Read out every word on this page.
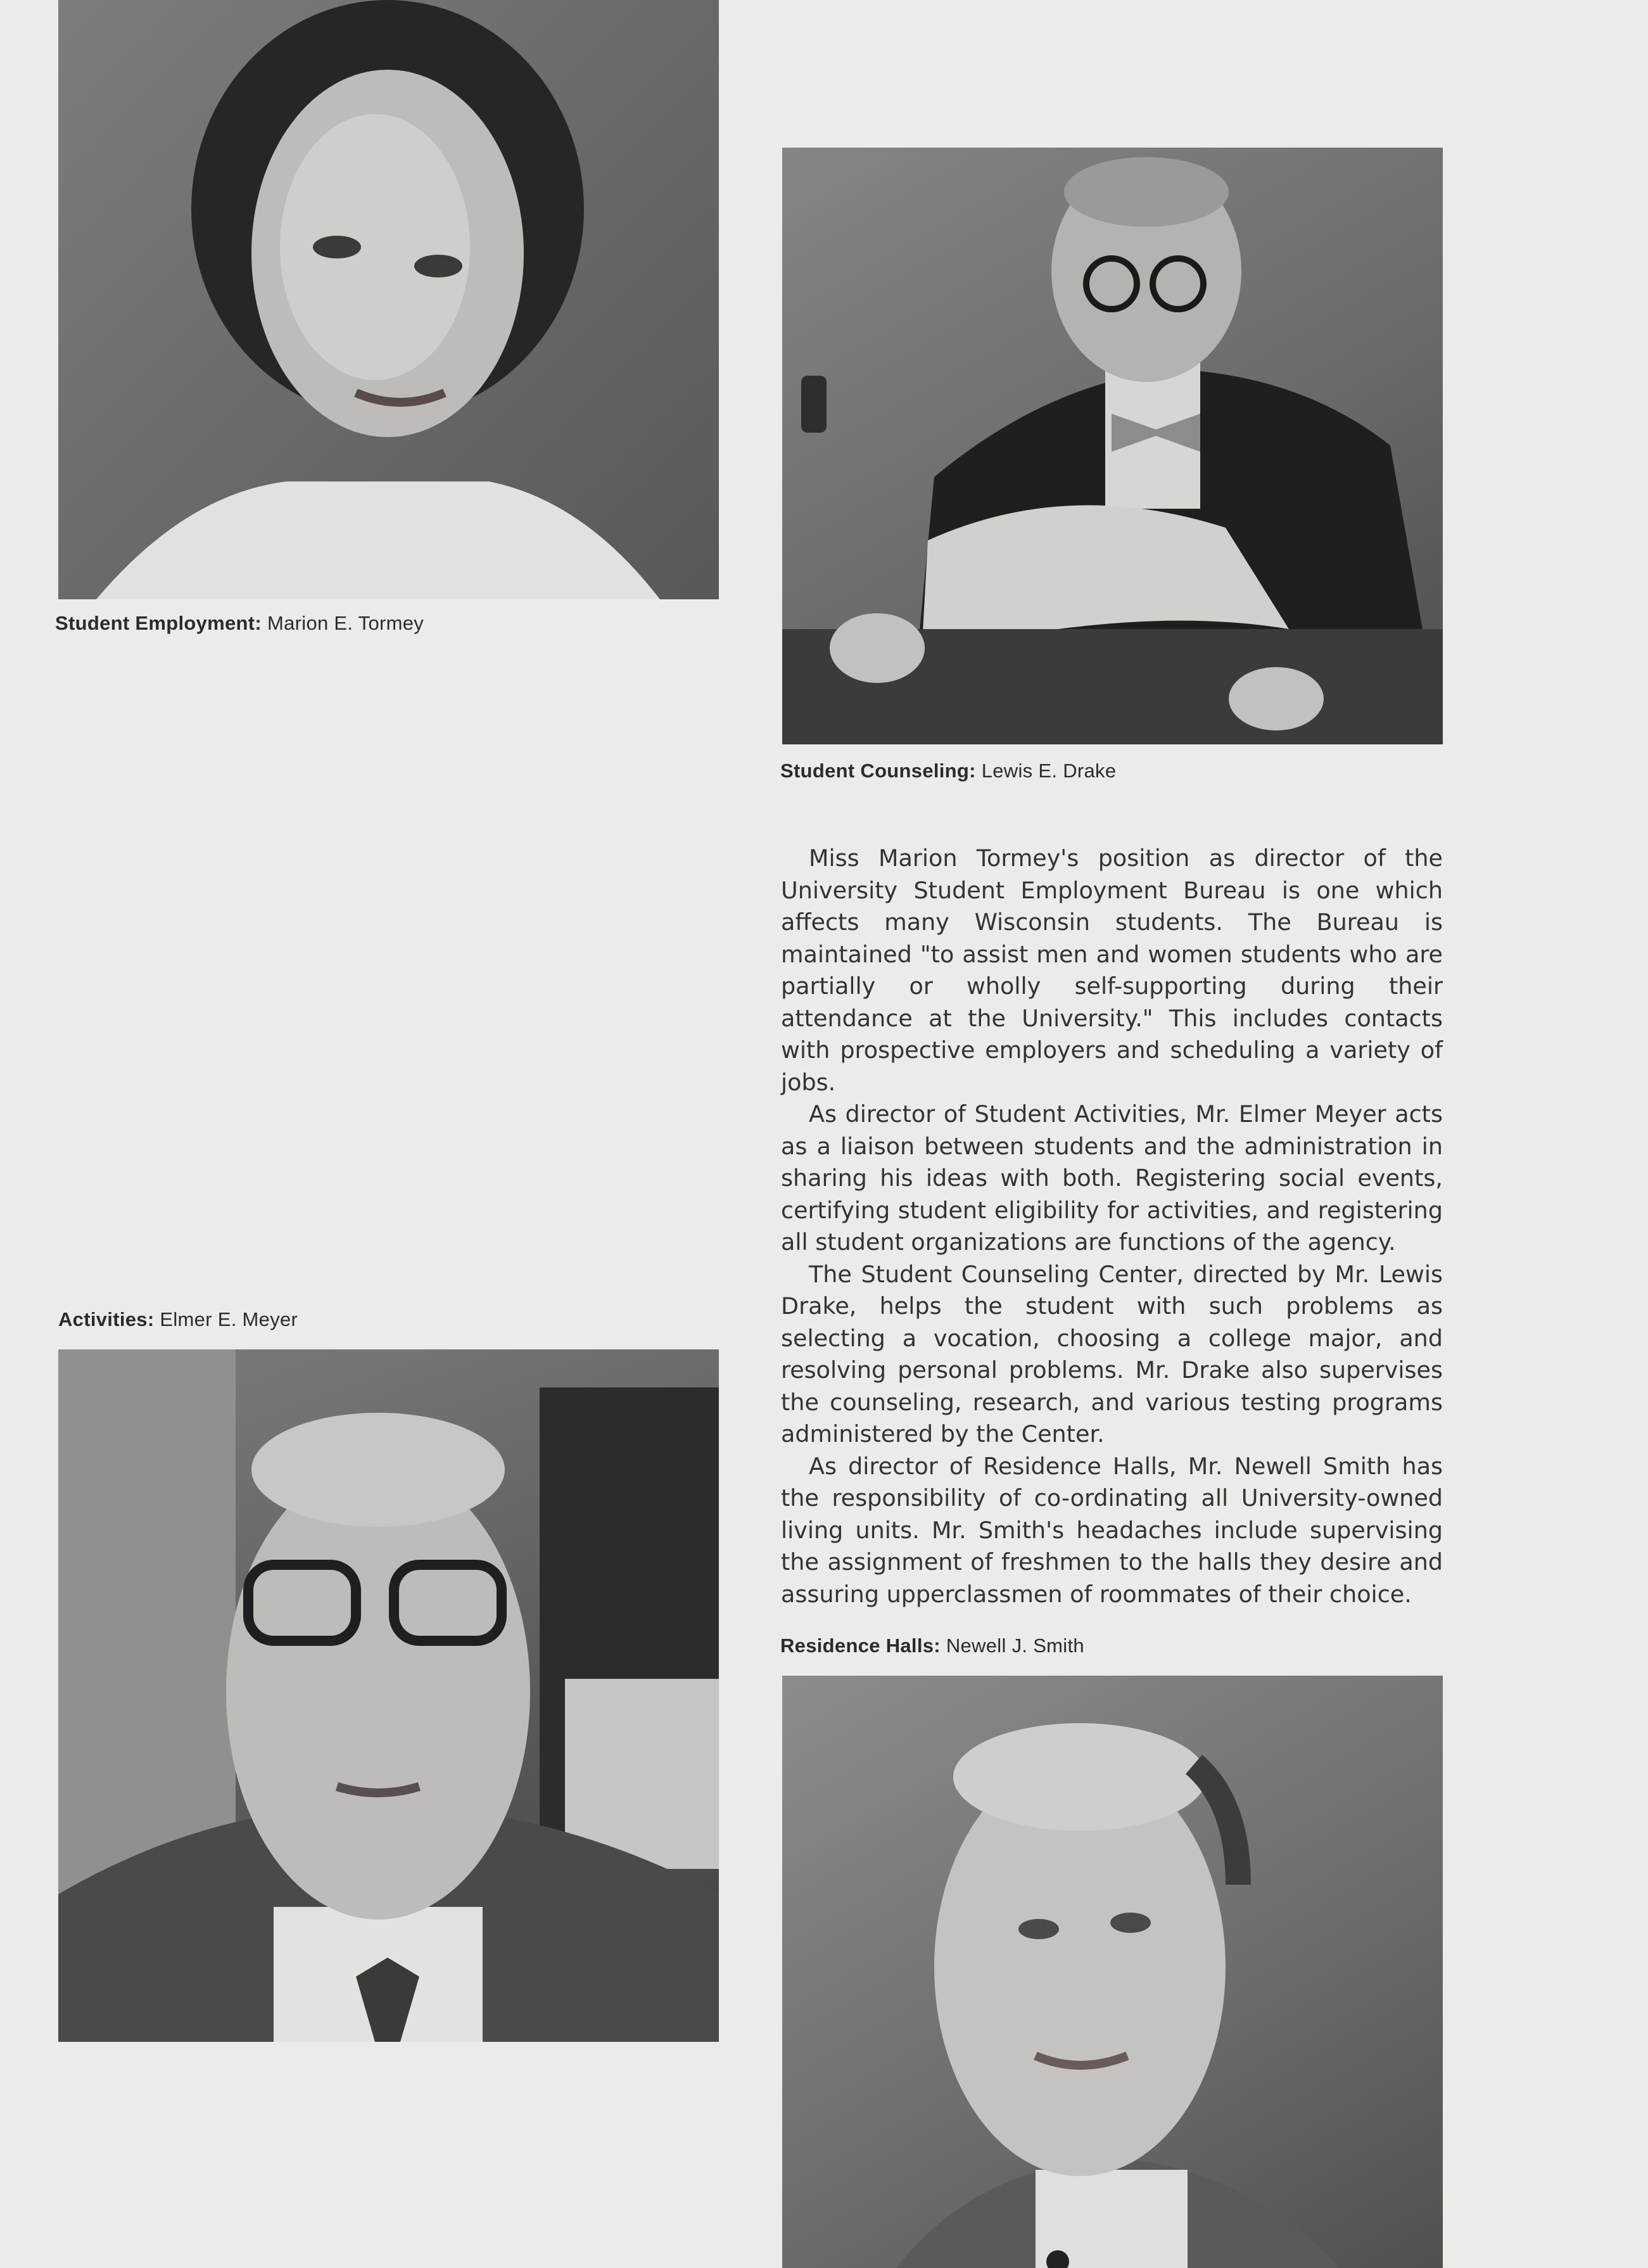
Student Employment: Marion E. Tormey
Student Counseling: Lewis E. Drake

Miss Marion Tormey's position as director of the University Student Employment Bureau is one which affects many Wisconsin students. The Bureau is maintained "to assist men and women students who are partially or wholly self-supporting during their attendance at the University." This includes contacts with prospective employers and scheduling a variety of jobs.

As director of Student Activities, Mr. Elmer Meyer acts as a liaison between students and the administration in sharing his ideas with both. Registering social events, certifying student eligibility for activities, and registering all student organizations are functions of the agency.

The Student Counseling Center, directed by Mr. Lewis Drake, helps the student with such problems as selecting a vocation, choosing a college major, and resolving personal problems. Mr. Drake also supervises the counseling, research, and various testing programs administered by the Center.

As director of Residence Halls, Mr. Newell Smith has the responsibility of co-ordinating all University-owned living units. Mr. Smith's headaches include supervising the assignment of freshmen to the halls they desire and assuring upperclassmen of roommates of their choice.

Activities: Elmer E. Meyer
Residence Halls: Newell J. Smith
